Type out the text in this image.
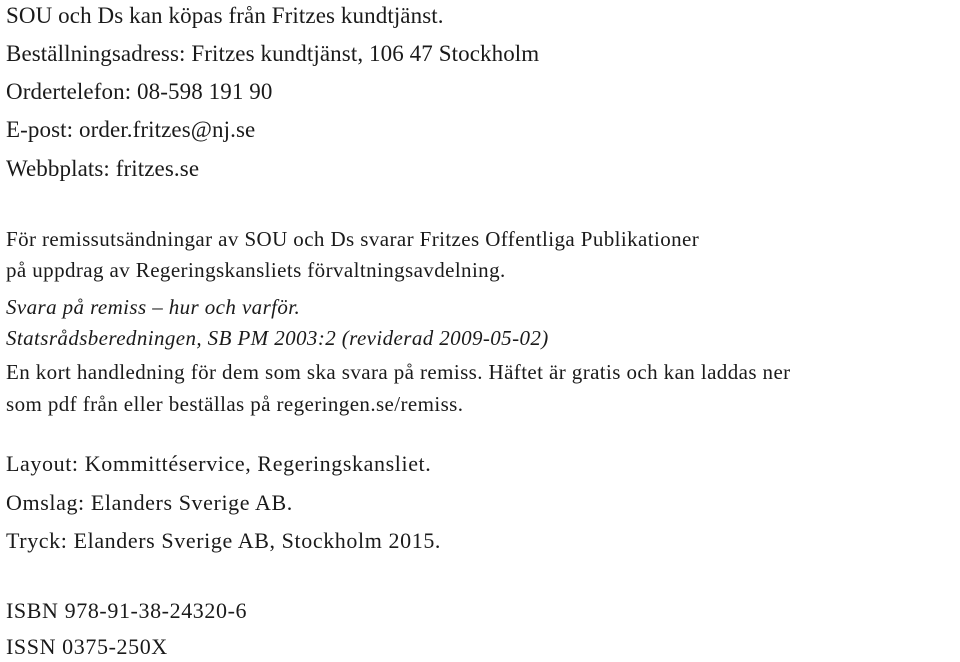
SOU och Ds kan köpas från Fritzes kundtjänst.
Beställningsadress: Fritzes kundtjänst, 106 47 Stockholm
Ordertelefon: 08-598 191 90
E-post: order.fritzes@nj.se
Webbplats: fritzes.se
För remissutsändningar av SOU och Ds svarar Fritzes Offentliga Publikationer
på uppdrag av Regeringskansliets förvaltningsavdelning.
Svara på remiss – hur och varför.
Statsrådsberedningen, SB PM 2003:2 (reviderad 2009-05-02)
En kort handledning för dem som ska svara på remiss. Häftet är gratis och kan laddas ner
som pdf från eller beställas på regeringen.se/remiss.
Layout: Kommittéservice, Regeringskansliet.
Omslag: Elanders Sverige AB.
Tryck: Elanders Sverige AB, Stockholm 2015.
ISBN 978-91-38-24320-6
ISSN 0375-250X
